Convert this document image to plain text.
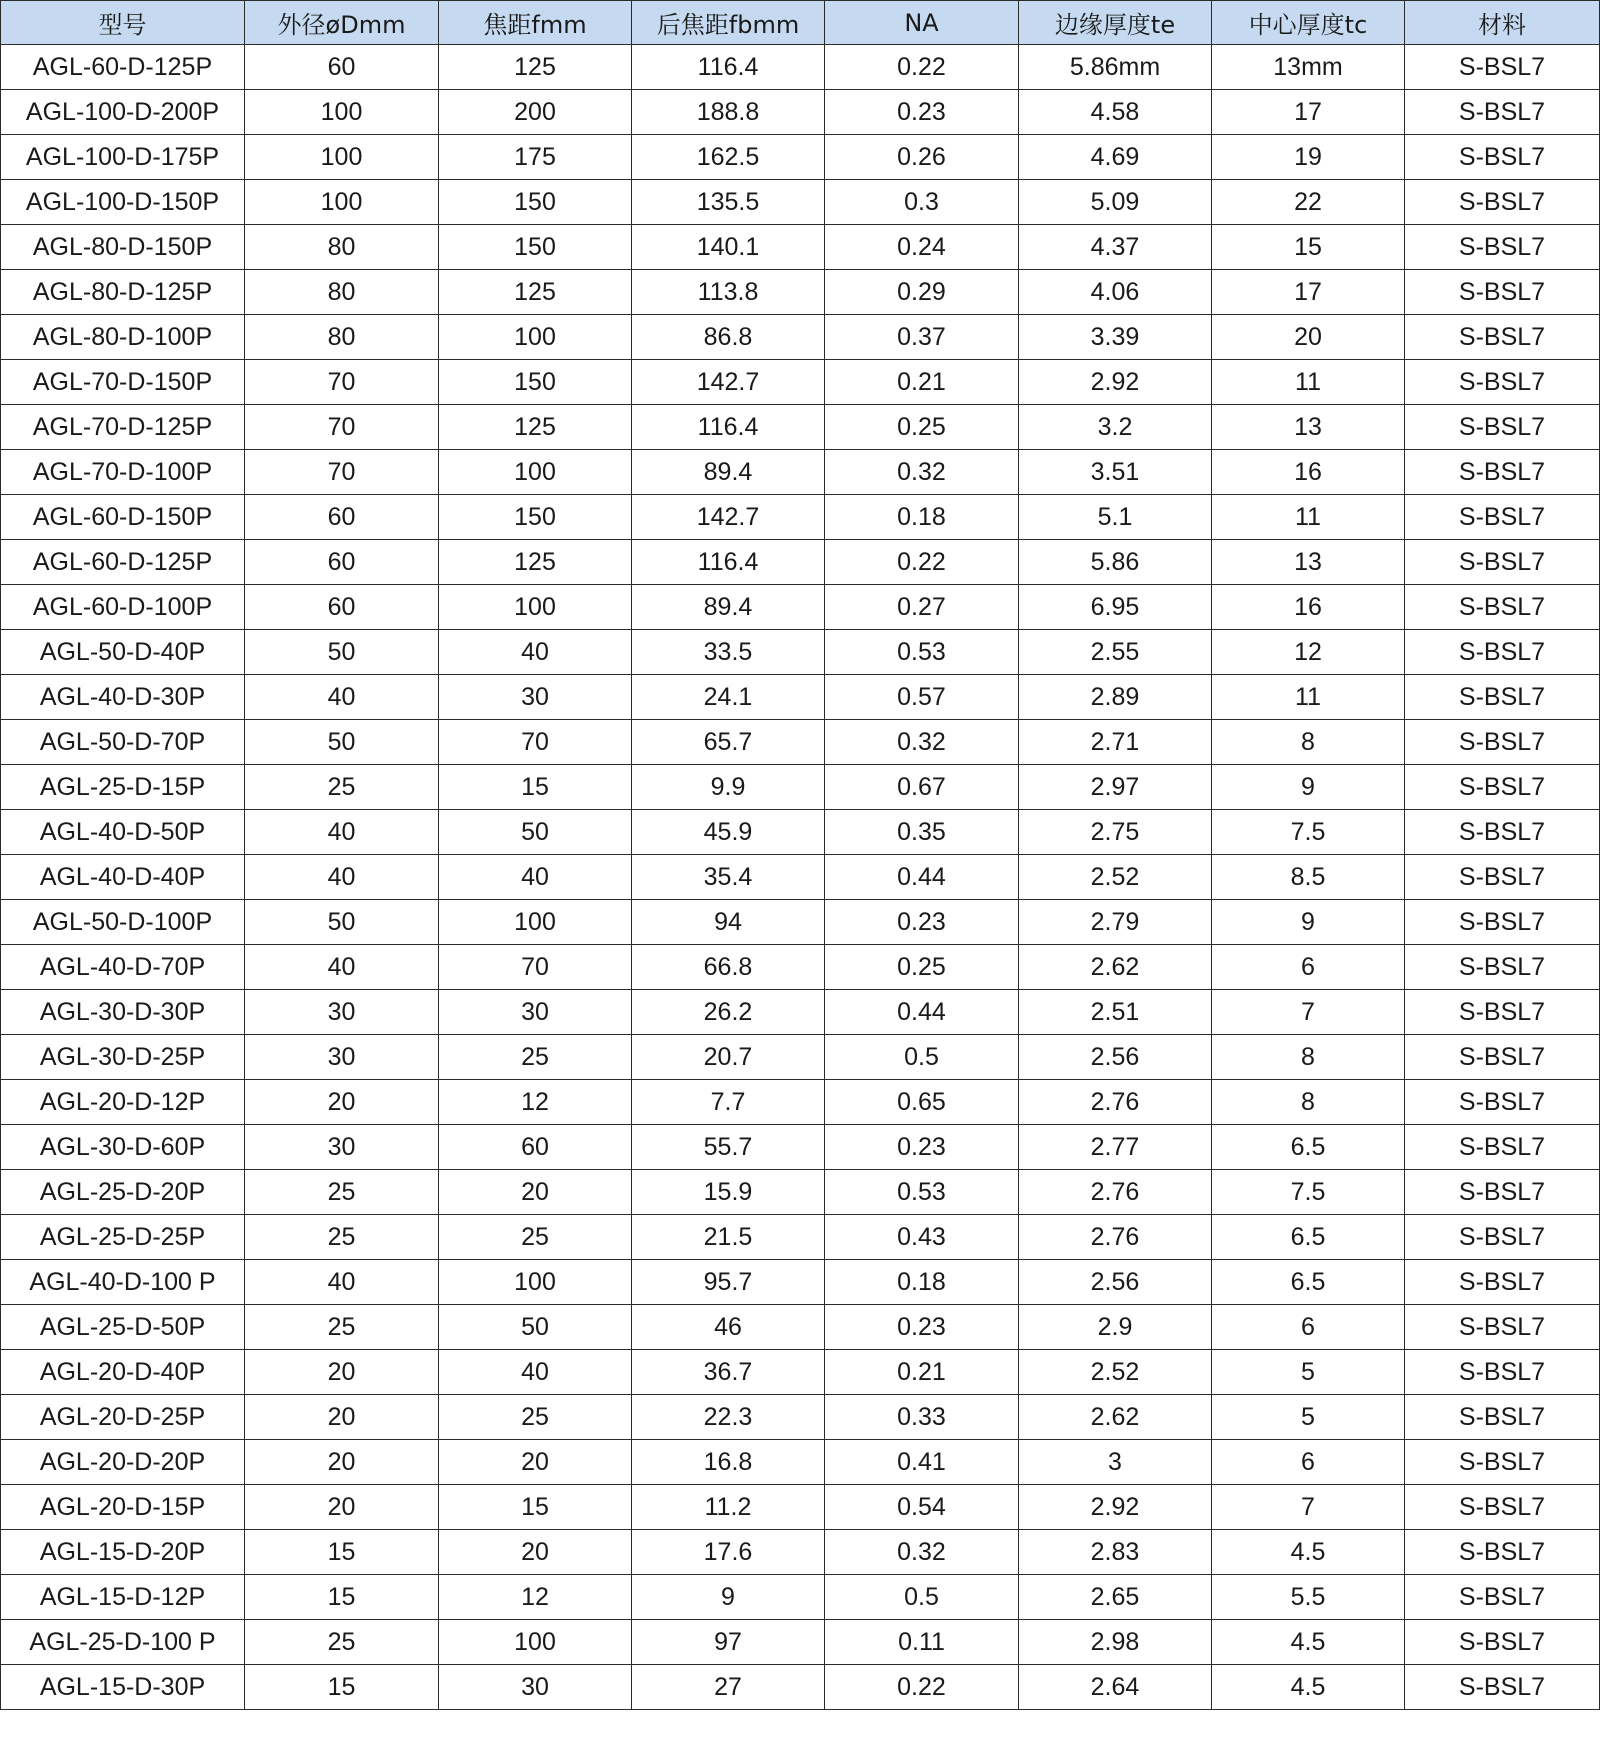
型号	外径øDmm	焦距fmm	后焦距fbmm	NA	边缘厚度te	中心厚度tc	材料
AGL-60-D-125P	60	125	116.4	0.22	5.86mm	13mm	S-BSL7
AGL-100-D-200P	100	200	188.8	0.23	4.58	17	S-BSL7
AGL-100-D-175P	100	175	162.5	0.26	4.69	19	S-BSL7
AGL-100-D-150P	100	150	135.5	0.3	5.09	22	S-BSL7
AGL-80-D-150P	80	150	140.1	0.24	4.37	15	S-BSL7
AGL-80-D-125P	80	125	113.8	0.29	4.06	17	S-BSL7
AGL-80-D-100P	80	100	86.8	0.37	3.39	20	S-BSL7
AGL-70-D-150P	70	150	142.7	0.21	2.92	11	S-BSL7
AGL-70-D-125P	70	125	116.4	0.25	3.2	13	S-BSL7
AGL-70-D-100P	70	100	89.4	0.32	3.51	16	S-BSL7
AGL-60-D-150P	60	150	142.7	0.18	5.1	11	S-BSL7
AGL-60-D-125P	60	125	116.4	0.22	5.86	13	S-BSL7
AGL-60-D-100P	60	100	89.4	0.27	6.95	16	S-BSL7
AGL-50-D-40P	50	40	33.5	0.53	2.55	12	S-BSL7
AGL-40-D-30P	40	30	24.1	0.57	2.89	11	S-BSL7
AGL-50-D-70P	50	70	65.7	0.32	2.71	8	S-BSL7
AGL-25-D-15P	25	15	9.9	0.67	2.97	9	S-BSL7
AGL-40-D-50P	40	50	45.9	0.35	2.75	7.5	S-BSL7
AGL-40-D-40P	40	40	35.4	0.44	2.52	8.5	S-BSL7
AGL-50-D-100P	50	100	94	0.23	2.79	9	S-BSL7
AGL-40-D-70P	40	70	66.8	0.25	2.62	6	S-BSL7
AGL-30-D-30P	30	30	26.2	0.44	2.51	7	S-BSL7
AGL-30-D-25P	30	25	20.7	0.5	2.56	8	S-BSL7
AGL-20-D-12P	20	12	7.7	0.65	2.76	8	S-BSL7
AGL-30-D-60P	30	60	55.7	0.23	2.77	6.5	S-BSL7
AGL-25-D-20P	25	20	15.9	0.53	2.76	7.5	S-BSL7
AGL-25-D-25P	25	25	21.5	0.43	2.76	6.5	S-BSL7
AGL-40-D-100 P	40	100	95.7	0.18	2.56	6.5	S-BSL7
AGL-25-D-50P	25	50	46	0.23	2.9	6	S-BSL7
AGL-20-D-40P	20	40	36.7	0.21	2.52	5	S-BSL7
AGL-20-D-25P	20	25	22.3	0.33	2.62	5	S-BSL7
AGL-20-D-20P	20	20	16.8	0.41	3	6	S-BSL7
AGL-20-D-15P	20	15	11.2	0.54	2.92	7	S-BSL7
AGL-15-D-20P	15	20	17.6	0.32	2.83	4.5	S-BSL7
AGL-15-D-12P	15	12	9	0.5	2.65	5.5	S-BSL7
AGL-25-D-100 P	25	100	97	0.11	2.98	4.5	S-BSL7
AGL-15-D-30P	15	30	27	0.22	2.64	4.5	S-BSL7
